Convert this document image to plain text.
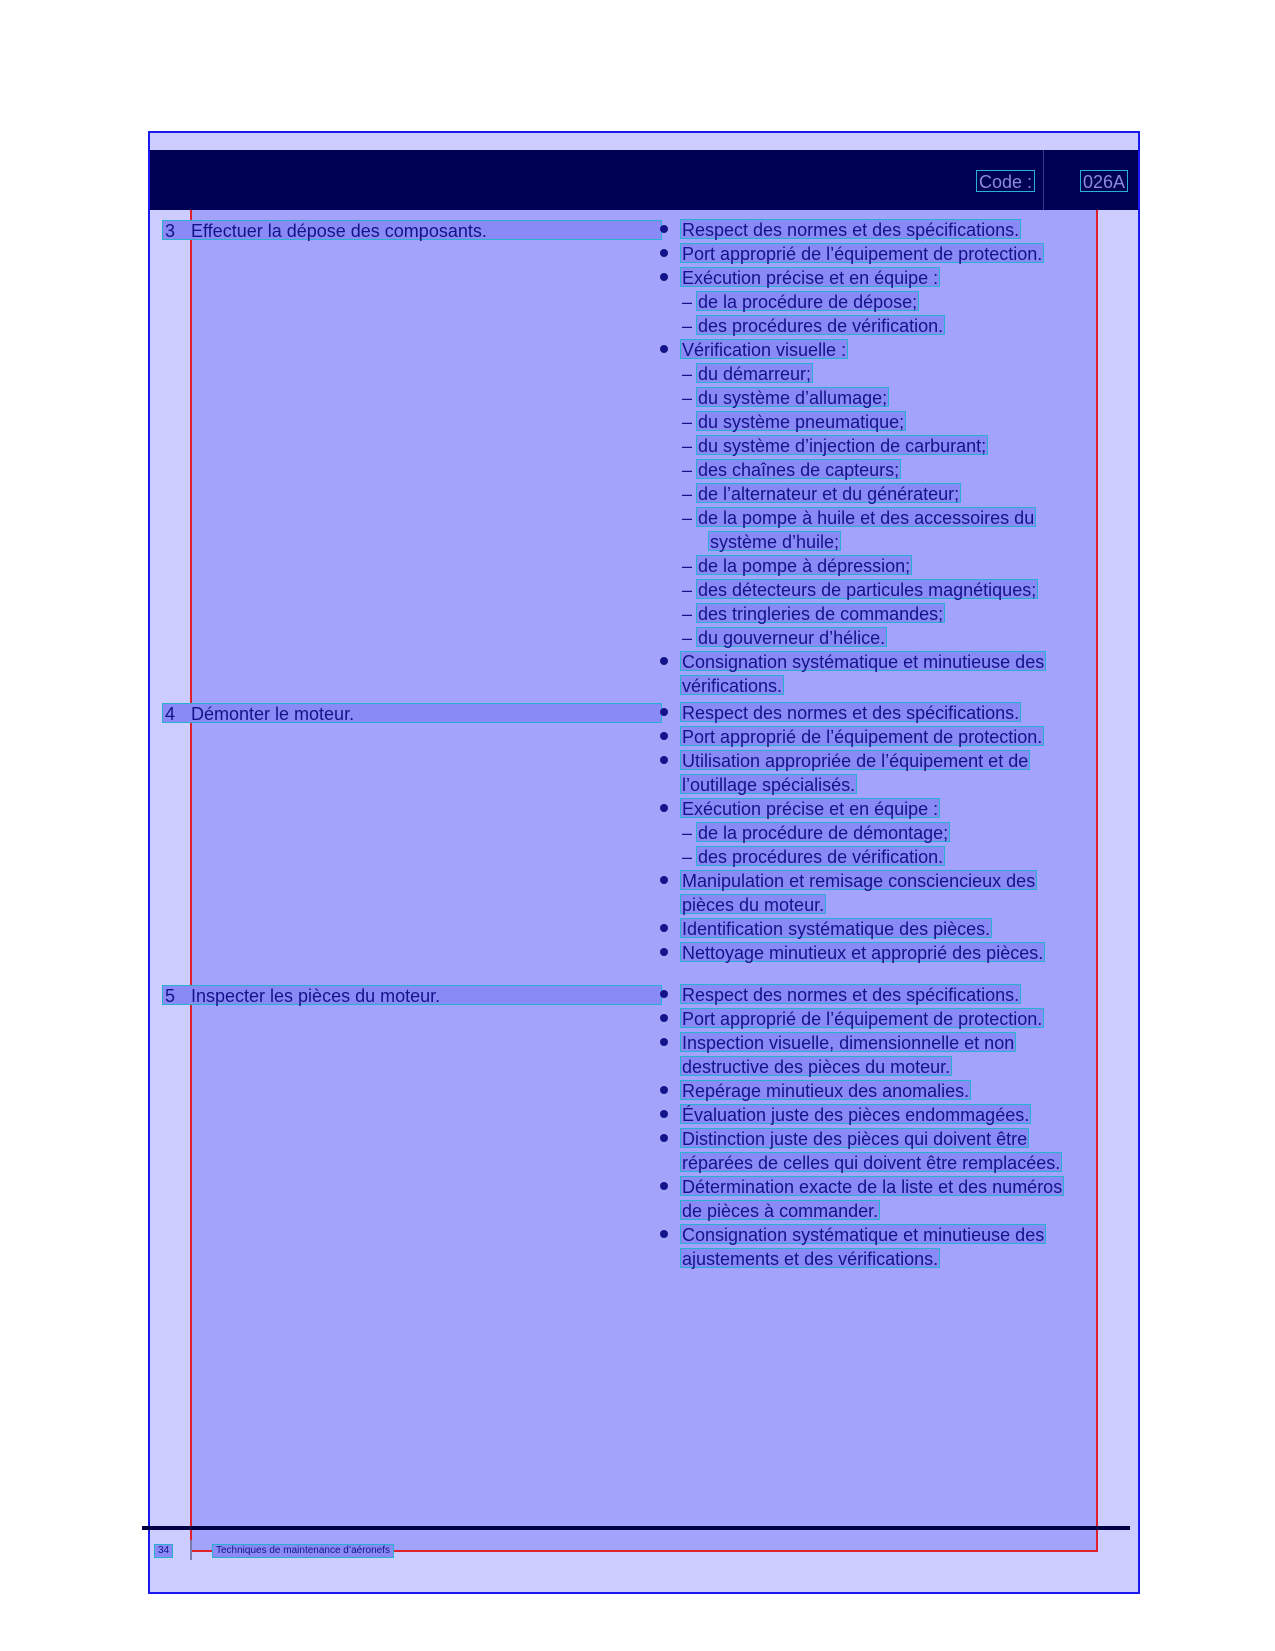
Code :	026A
3 Effectuer la dépose des composants.	Respect des normes et des spécifications.
Port approprié de l’équipement de protection.
Exécution précise et en équipe :
– de la procédure de dépose;
– des procédures de vérification.
Vérification visuelle :
– du démarreur;
– du système d’allumage;
– du système pneumatique;
– du système d’injection de carburant;
– des chaînes de capteurs;
– de l’alternateur et du générateur;
– de la pompe à huile et des accessoires du
système d’huile;
– de la pompe à dépression;
– des détecteurs de particules magnétiques;
– des tringleries de commandes;
– du gouverneur d’hélice.
Consignation systématique et minutieuse des
vérifications.
4 Démonter le moteur.	Respect des normes et des spécifications.
Port approprié de l’équipement de protection.
Utilisation appropriée de l’équipement et de
l’outillage spécialisés.
Exécution précise et en équipe :
– de la procédure de démontage;
– des procédures de vérification.
Manipulation et remisage consciencieux des
pièces du moteur.
Identification systématique des pièces.
Nettoyage minutieux et approprié des pièces.
5 Inspecter les pièces du moteur.	Respect des normes et des spécifications.
Port approprié de l’équipement de protection.
Inspection visuelle, dimensionnelle et non
destructive des pièces du moteur.
Repérage minutieux des anomalies.
Évaluation juste des pièces endommagées.
Distinction juste des pièces qui doivent être
réparées de celles qui doivent être remplacées.
Détermination exacte de la liste et des numéros
de pièces à commander.
Consignation systématique et minutieuse des
ajustements et des vérifications.
34	Techniques de maintenance d’aéronefs
